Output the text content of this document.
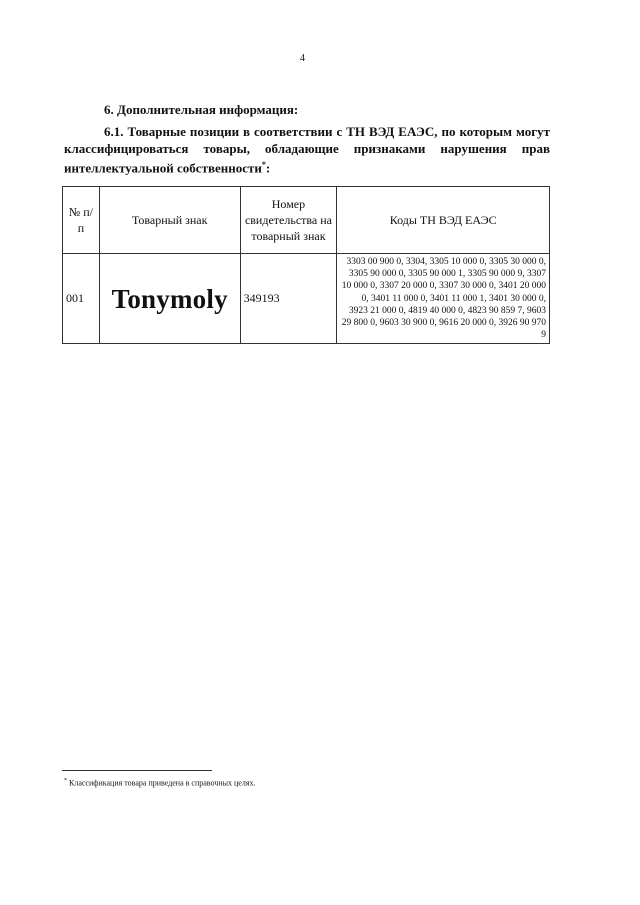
4
6. Дополнительная информация:
6.1. Товарные позиции в соответствии с ТН ВЭД ЕАЭС, по которым могут классифицироваться товары, обладающие признаками нарушения прав интеллектуальной собственности*:
№ п/п	Товарный знак	Номер свидетельства на товарный знак	Коды ТН ВЭД ЕАЭС
001	Tonymoly	349193	3303 00 900 0, 3304, 3305 10 000 0, 3305 30 000 0, 3305 90 000 0, 3305 90 000 1, 3305 90 000 9, 3307 10 000 0, 3307 20 000 0, 3307 30 000 0, 3401 20 000 0, 3401 11 000 0, 3401 11 000 1, 3401 30 000 0, 3923 21 000 0, 4819 40 000 0, 4823 90 859 7, 9603 29 800 0, 9603 30 900 0, 9616 20 000 0, 3926 90 970 9
* Классификация товара приведена в справочных целях.
